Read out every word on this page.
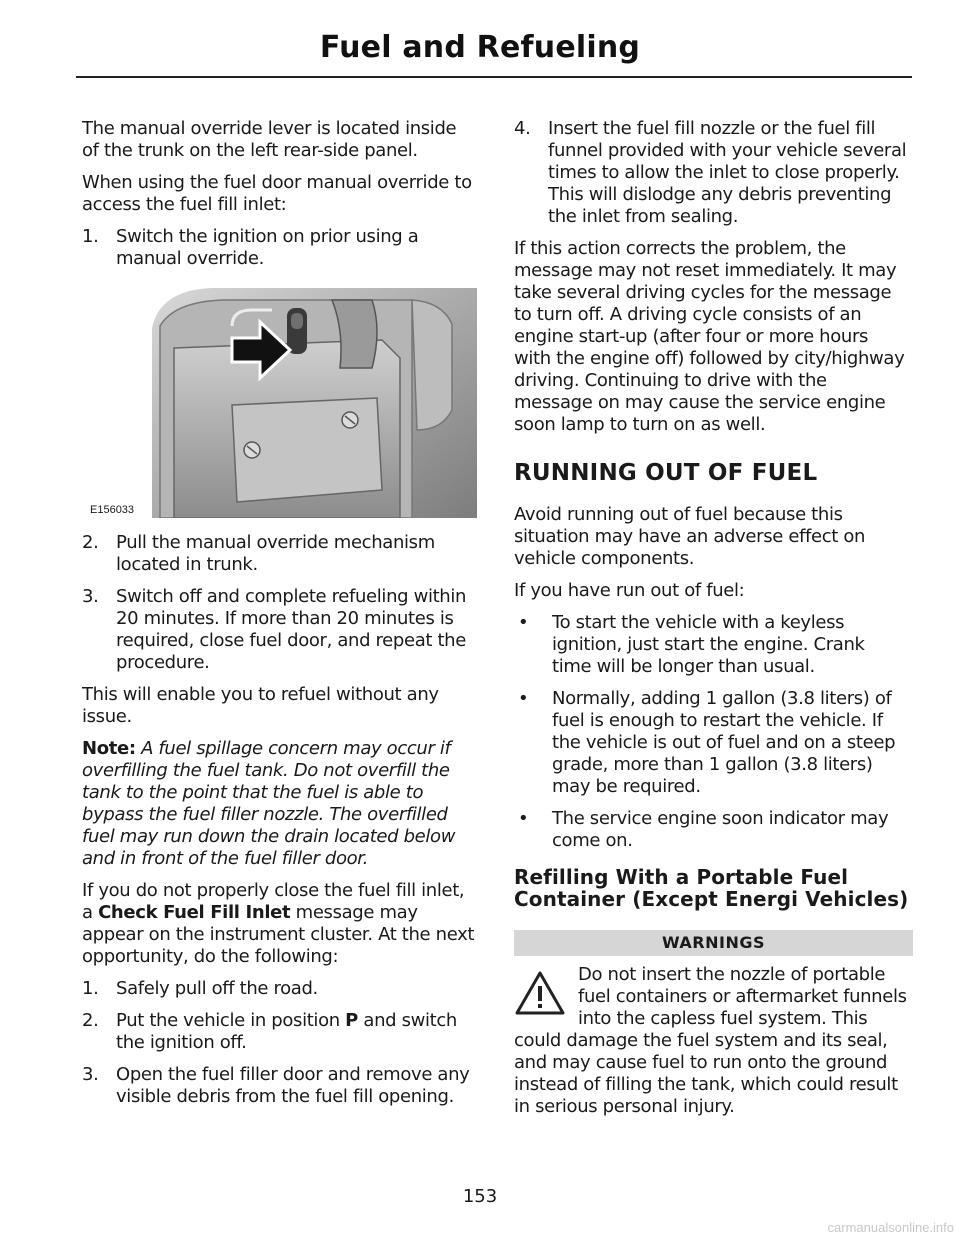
Fuel and Refueling

The manual override lever is located inside of the trunk on the left rear-side panel.

When using the fuel door manual override to access the fuel fill inlet:

1. Switch the ignition on prior using a manual override.
E156033
2. Pull the manual override mechanism located in trunk.
3. Switch off and complete refueling within 20 minutes. If more than 20 minutes is required, close fuel door, and repeat the procedure.

This will enable you to refuel without any issue.

Note: A fuel spillage concern may occur if overfilling the fuel tank. Do not overfill the tank to the point that the fuel is able to bypass the fuel filler nozzle. The overfilled fuel may run down the drain located below and in front of the fuel filler door.

If you do not properly close the fuel fill inlet, a Check Fuel Fill Inlet message may appear on the instrument cluster. At the next opportunity, do the following:

1. Safely pull off the road.
2. Put the vehicle in position P and switch the ignition off.
3. Open the fuel filler door and remove any visible debris from the fuel fill opening.
4. Insert the fuel fill nozzle or the fuel fill funnel provided with your vehicle several times to allow the inlet to close properly. This will dislodge any debris preventing the inlet from sealing.

If this action corrects the problem, the message may not reset immediately. It may take several driving cycles for the message to turn off. A driving cycle consists of an engine start-up (after four or more hours with the engine off) followed by city/highway driving. Continuing to drive with the message on may cause the service engine soon lamp to turn on as well.

RUNNING OUT OF FUEL

Avoid running out of fuel because this situation may have an adverse effect on vehicle components.

If you have run out of fuel:

•	To start the vehicle with a keyless ignition, just start the engine. Crank time will be longer than usual.
•	Normally, adding 1 gallon (3.8 liters) of fuel is enough to restart the vehicle. If the vehicle is out of fuel and on a steep grade, more than 1 gallon (3.8 liters) may be required.
•	The service engine soon indicator may come on.
Refilling With a Portable Fuel Container (Except Energi Vehicles)
WARNINGS
Do not insert the nozzle of portable fuel containers or aftermarket funnels into the capless fuel system. This could damage the fuel system and its seal, and may cause fuel to run onto the ground instead of filling the tank, which could result in serious personal injury.
153
carmanualsonline.info
